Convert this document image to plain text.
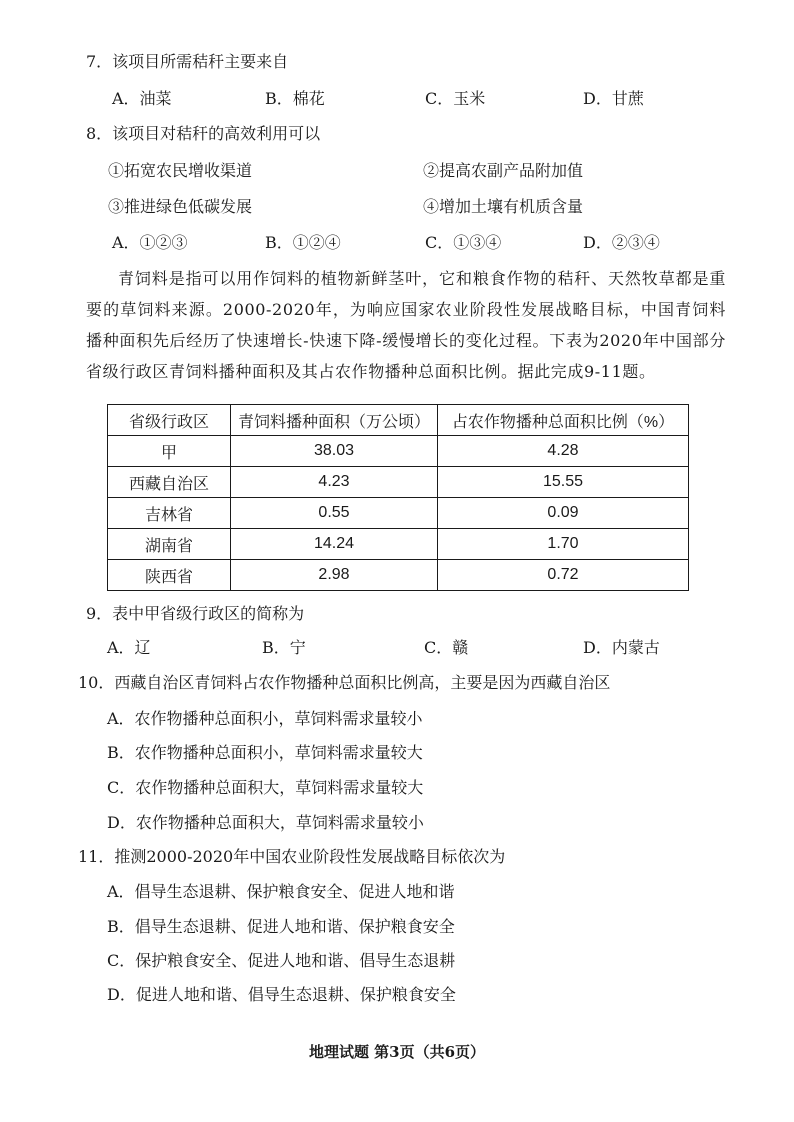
7．该项目所需秸秆主要来自
A．油菜	B．棉花	C．玉米	D．甘蔗
8．该项目对秸秆的高效利用可以
①拓宽农民增收渠道	②提高农副产品附加值
③推进绿色低碳发展	④增加土壤有机质含量
A．①②③	B．①②④	C．①③④	D．②③④
青饲料是指可以用作饲料的植物新鲜茎叶，它和粮食作物的秸秆、天然牧草都是重要的草饲料来源。2000-2020年，为响应国家农业阶段性发展战略目标，中国青饲料播种面积先后经历了快速增长-快速下降-缓慢增长的变化过程。下表为2020年中国部分省级行政区青饲料播种面积及其占农作物播种总面积比例。据此完成9-11题。
省级行政区	青饲料播种面积（万公顷）	占农作物播种总面积比例（%）
甲	38.03	4.28
西藏自治区	4.23	15.55
吉林省	0.55	0.09
湖南省	14.24	1.70
陕西省	2.98	0.72
9．表中甲省级行政区的简称为
A．辽	B．宁	C．赣	D．内蒙古
10．西藏自治区青饲料占农作物播种总面积比例高，主要是因为西藏自治区
A．农作物播种总面积小，草饲料需求量较小
B．农作物播种总面积小，草饲料需求量较大
C．农作物播种总面积大，草饲料需求量较大
D．农作物播种总面积大，草饲料需求量较小
11．推测2000-2020年中国农业阶段性发展战略目标依次为
A．倡导生态退耕、保护粮食安全、促进人地和谐
B．倡导生态退耕、促进人地和谐、保护粮食安全
C．保护粮食安全、促进人地和谐、倡导生态退耕
D．促进人地和谐、倡导生态退耕、保护粮食安全
地理试题 第3页（共6页）
